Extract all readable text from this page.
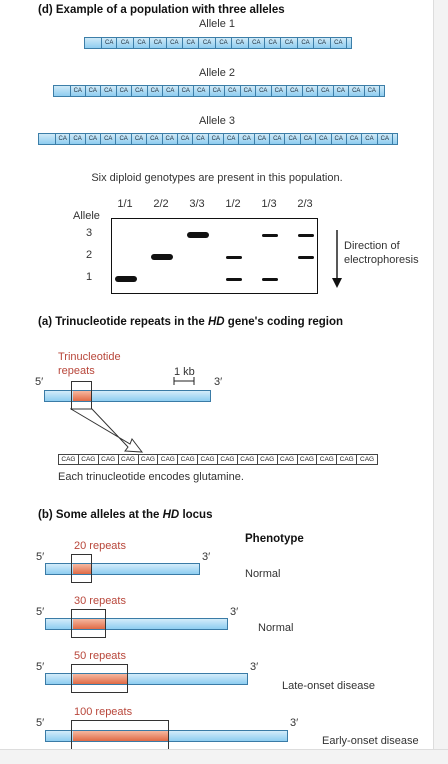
(d) Example of a population with three alleles
Allele 1
CA	CA	CA	CA	CA	CA	CA	CA	CA	CA	CA	CA	CA	CA	CA
Allele 2
CA	CA	CA	CA	CA	CA	CA	CA	CA	CA	CA	CA	CA	CA	CA	CA	CA	CA	CA	CA
Allele 3
CA	CA	CA	CA	CA	CA	CA	CA	CA	CA	CA	CA	CA	CA	CA	CA	CA	CA	CA	CA	CA	CA
Six diploid genotypes are present in this population.
1/1 2/2 3/3 1/2 1/3 2/3
Allele
3
2
1
Direction of
electrophoresis
(a) Trinucleotide repeats in the HD gene's coding region
Trinucleotide
repeats	1 kb
5′	3′
CAG CAG CAG CAG CAG CAG CAG CAG CAG CAG CAG CAG CAG CAG CAG CAG
Each trinucleotide encodes glutamine.
(b) Some alleles at the HD locus
Phenotype
20 repeats
5′	3′
Normal
30 repeats
5′	3′
Normal
50 repeats
5′	3′
Late-onset disease
100 repeats
5′	3′
Early-onset disease
